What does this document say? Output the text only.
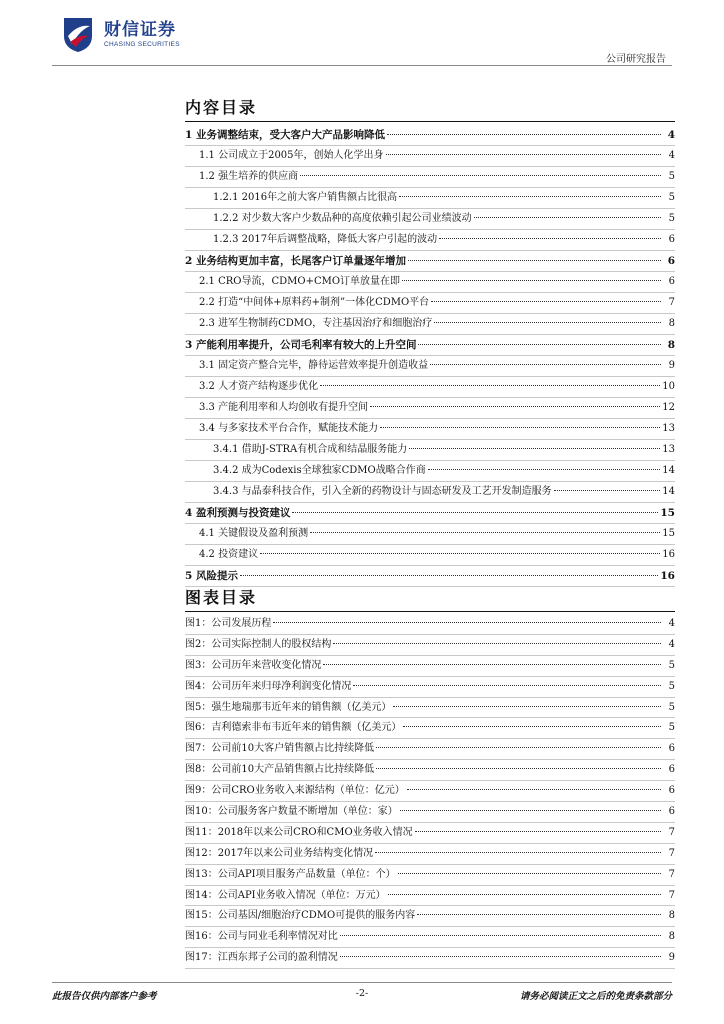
财信证券
CHASING SECURITIES
公司研究报告
内容目录
1 业务调整结束，受大客户大产品影响降低	4
1.1 公司成立于2005年，创始人化学出身	4
1.2 强生培养的供应商	5
1.2.1 2016年之前大客户销售额占比很高	5
1.2.2 对少数大客户少数品种的高度依赖引起公司业绩波动	5
1.2.3 2017年后调整战略，降低大客户引起的波动	6
2 业务结构更加丰富，长尾客户订单量逐年增加	6
2.1 CRO导流，CDMO+CMO订单放量在即	6
2.2 打造“中间体+原料药+制剂”一体化CDMO平台	7
2.3 进军生物制药CDMO，专注基因治疗和细胞治疗	8
3 产能利用率提升，公司毛利率有较大的上升空间	8
3.1 固定资产整合完毕，静待运营效率提升创造收益	9
3.2 人才资产结构逐步优化	10
3.3 产能利用率和人均创收有提升空间	12
3.4 与多家技术平台合作，赋能技术能力	13
3.4.1 借助J-STRA有机合成和结晶服务能力	13
3.4.2 成为Codexis全球独家CDMO战略合作商	14
3.4.3 与晶泰科技合作，引入全新的药物设计与固态研发及工艺开发制造服务	14
4 盈利预测与投资建议	15
4.1 关键假设及盈利预测	15
4.2 投资建议	16
5 风险提示	16
图表目录
图1：公司发展历程	4
图2：公司实际控制人的股权结构	4
图3：公司历年来营收变化情况	5
图4：公司历年来归母净利润变化情况	5
图5：强生地瑞那韦近年来的销售额（亿美元）	5
图6：吉利德索非布韦近年来的销售额（亿美元）	5
图7：公司前10大客户销售额占比持续降低	6
图8：公司前10大产品销售额占比持续降低	6
图9：公司CRO业务收入来源结构（单位：亿元）	6
图10：公司服务客户数量不断增加（单位：家）	6
图11：2018年以来公司CRO和CMO业务收入情况	7
图12：2017年以来公司业务结构变化情况	7
图13：公司API项目服务产品数量（单位：个）	7
图14：公司API业务收入情况（单位：万元）	7
图15：公司基因/细胞治疗CDMO可提供的服务内容	8
图16：公司与同业毛利率情况对比	8
图17：江西东邦子公司的盈利情况	9
此报告仅供内部客户参考	-2-	请务必阅读正文之后的免责条款部分
